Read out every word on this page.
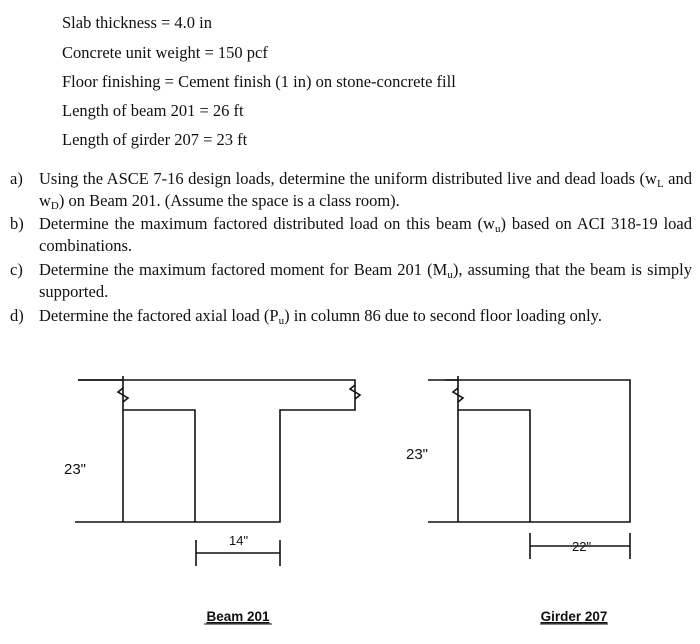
Slab thickness = 4.0 in
Concrete unit weight = 150 pcf
Floor finishing = Cement finish (1 in) on stone-concrete fill
Length of beam 201 = 26 ft
Length of girder 207 = 23 ft
a) Using the ASCE 7-16 design loads, determine the uniform distributed live and dead loads ($w_L$ and $w_D$) on Beam 201. (Assume the space is a class room).
b) Determine the maximum factored distributed load on this beam $(w_u)$ based on ACI 318-19 load combinations.
c) Determine the maximum factored moment for Beam 201 $(M_u)$, assuming that the beam is simply supported.
d) Determine the factored axial load $(P_u)$ in column 86 due to second floor loading only.
23"
14"
Beam 201
23"
22"
Girder 207
